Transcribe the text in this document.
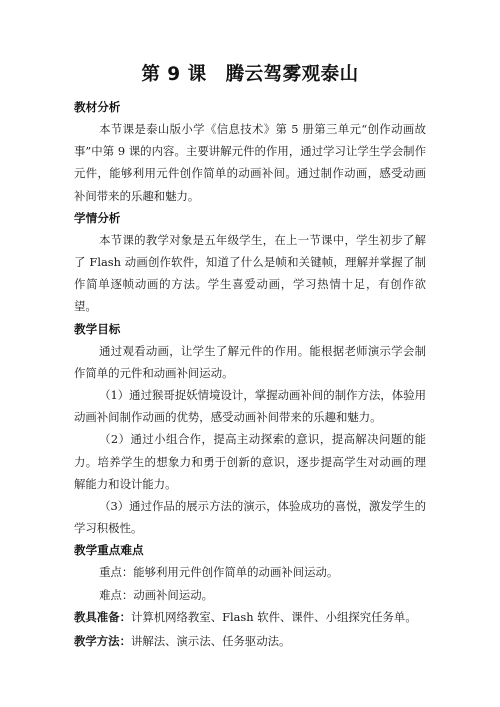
第 9 课　腾云驾雾观泰山

教材分析

本节课是泰山版小学《信息技术》第 5 册第三单元“创作动画故事”中第 9 课的内容。主要讲解元件的作用，通过学习让学生学会制作元件，能够利用元件创作简单的动画补间。通过制作动画，感受动画补间带来的乐趣和魅力。

学情分析

本节课的教学对象是五年级学生，在上一节课中，学生初步了解了 Flash 动画创作软件，知道了什么是帧和关键帧，理解并掌握了制作简单逐帧动画的方法。学生喜爱动画，学习热情十足，有创作欲望。

教学目标

通过观看动画，让学生了解元件的作用。能根据老师演示学会制作简单的元件和动画补间运动。

（1）通过猴哥捉妖情境设计，掌握动画补间的制作方法，体验用动画补间制作动画的优势，感受动画补间带来的乐趣和魅力。

（2）通过小组合作，提高主动探索的意识，提高解决问题的能力。培养学生的想象力和勇于创新的意识，逐步提高学生对动画的理解能力和设计能力。

（3）通过作品的展示方法的演示，体验成功的喜悦，激发学生的学习积极性。

教学重点难点

重点：能够利用元件创作简单的动画补间运动。

难点：动画补间运动。

教具准备：计算机网络教室、Flash 软件、课件、小组探究任务单。

教学方法：讲解法、演示法、任务驱动法。
